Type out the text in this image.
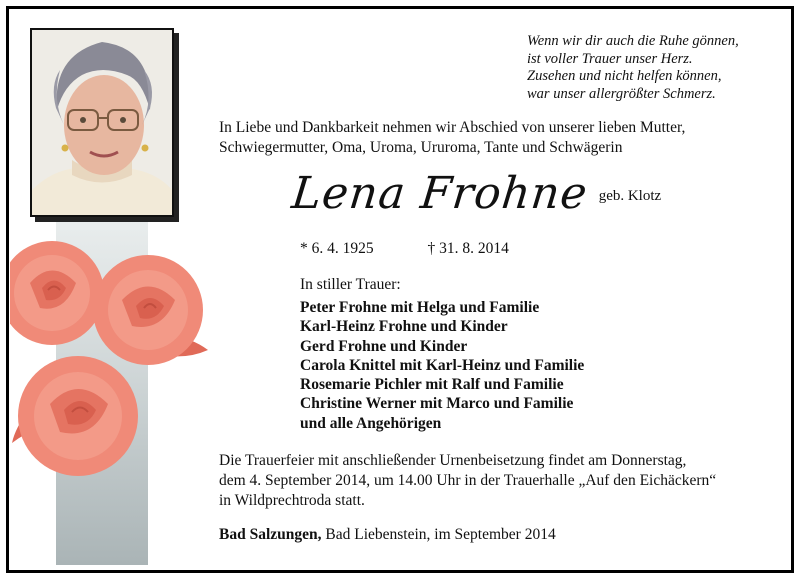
Wenn wir dir auch die Ruhe gönnen,
ist voller Trauer unser Herz.
Zusehen und nicht helfen können,
war unser allergrößter Schmerz.
In Liebe und Dankbarkeit nehmen wir Abschied von unserer lieben Mutter,
Schwiegermutter, Oma, Uroma, Ururoma, Tante und Schwägerin
Lena Frohne geb. Klotz
* 6. 4. 1925	† 31. 8. 2014
In stiller Trauer:
Peter Frohne mit Helga und Familie
Karl-Heinz Frohne und Kinder
Gerd Frohne und Kinder
Carola Knittel mit Karl-Heinz und Familie
Rosemarie Pichler mit Ralf und Familie
Christine Werner mit Marco und Familie
und alle Angehörigen
Die Trauerfeier mit anschließender Urnenbeisetzung findet am Donnerstag,
dem 4. September 2014, um 14.00 Uhr in der Trauerhalle „Auf den Eichäckern“
in Wildprechtroda statt.
Bad Salzungen, Bad Liebenstein, im September 2014
